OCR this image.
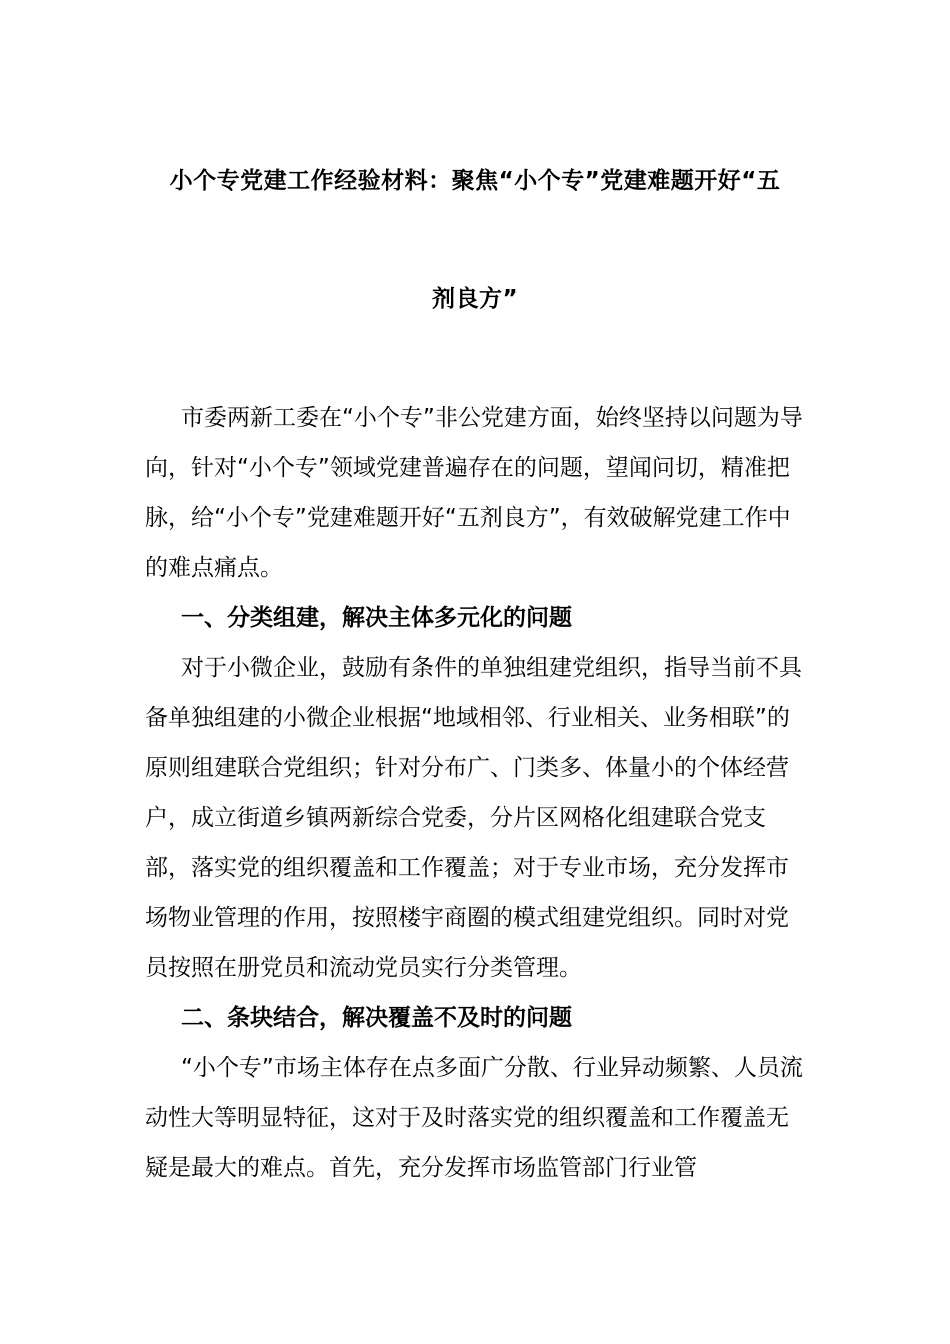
小个专党建工作经验材料：聚焦“小个专”党建难题开好“五
剂良方”

市委两新工委在“小个专”非公党建方面，始终坚持以问题为导向，针对“小个专”领域党建普遍存在的问题，望闻问切，精准把脉，给“小个专”党建难题开好“五剂良方”，有效破解党建工作中的难点痛点。

一、分类组建，解决主体多元化的问题

对于小微企业，鼓励有条件的单独组建党组织，指导当前不具备单独组建的小微企业根据“地域相邻、行业相关、业务相联”的原则组建联合党组织；针对分布广、门类多、体量小的个体经营户，成立街道乡镇两新综合党委，分片区网格化组建联合党支部，落实党的组织覆盖和工作覆盖；对于专业市场，充分发挥市场物业管理的作用，按照楼宇商圈的模式组建党组织。同时对党员按照在册党员和流动党员实行分类管理。

二、条块结合，解决覆盖不及时的问题

“小个专”市场主体存在点多面广分散、行业异动频繁、人员流动性大等明显特征，这对于及时落实党的组织覆盖和工作覆盖无疑是最大的难点。首先，充分发挥市场监管部门行业管
